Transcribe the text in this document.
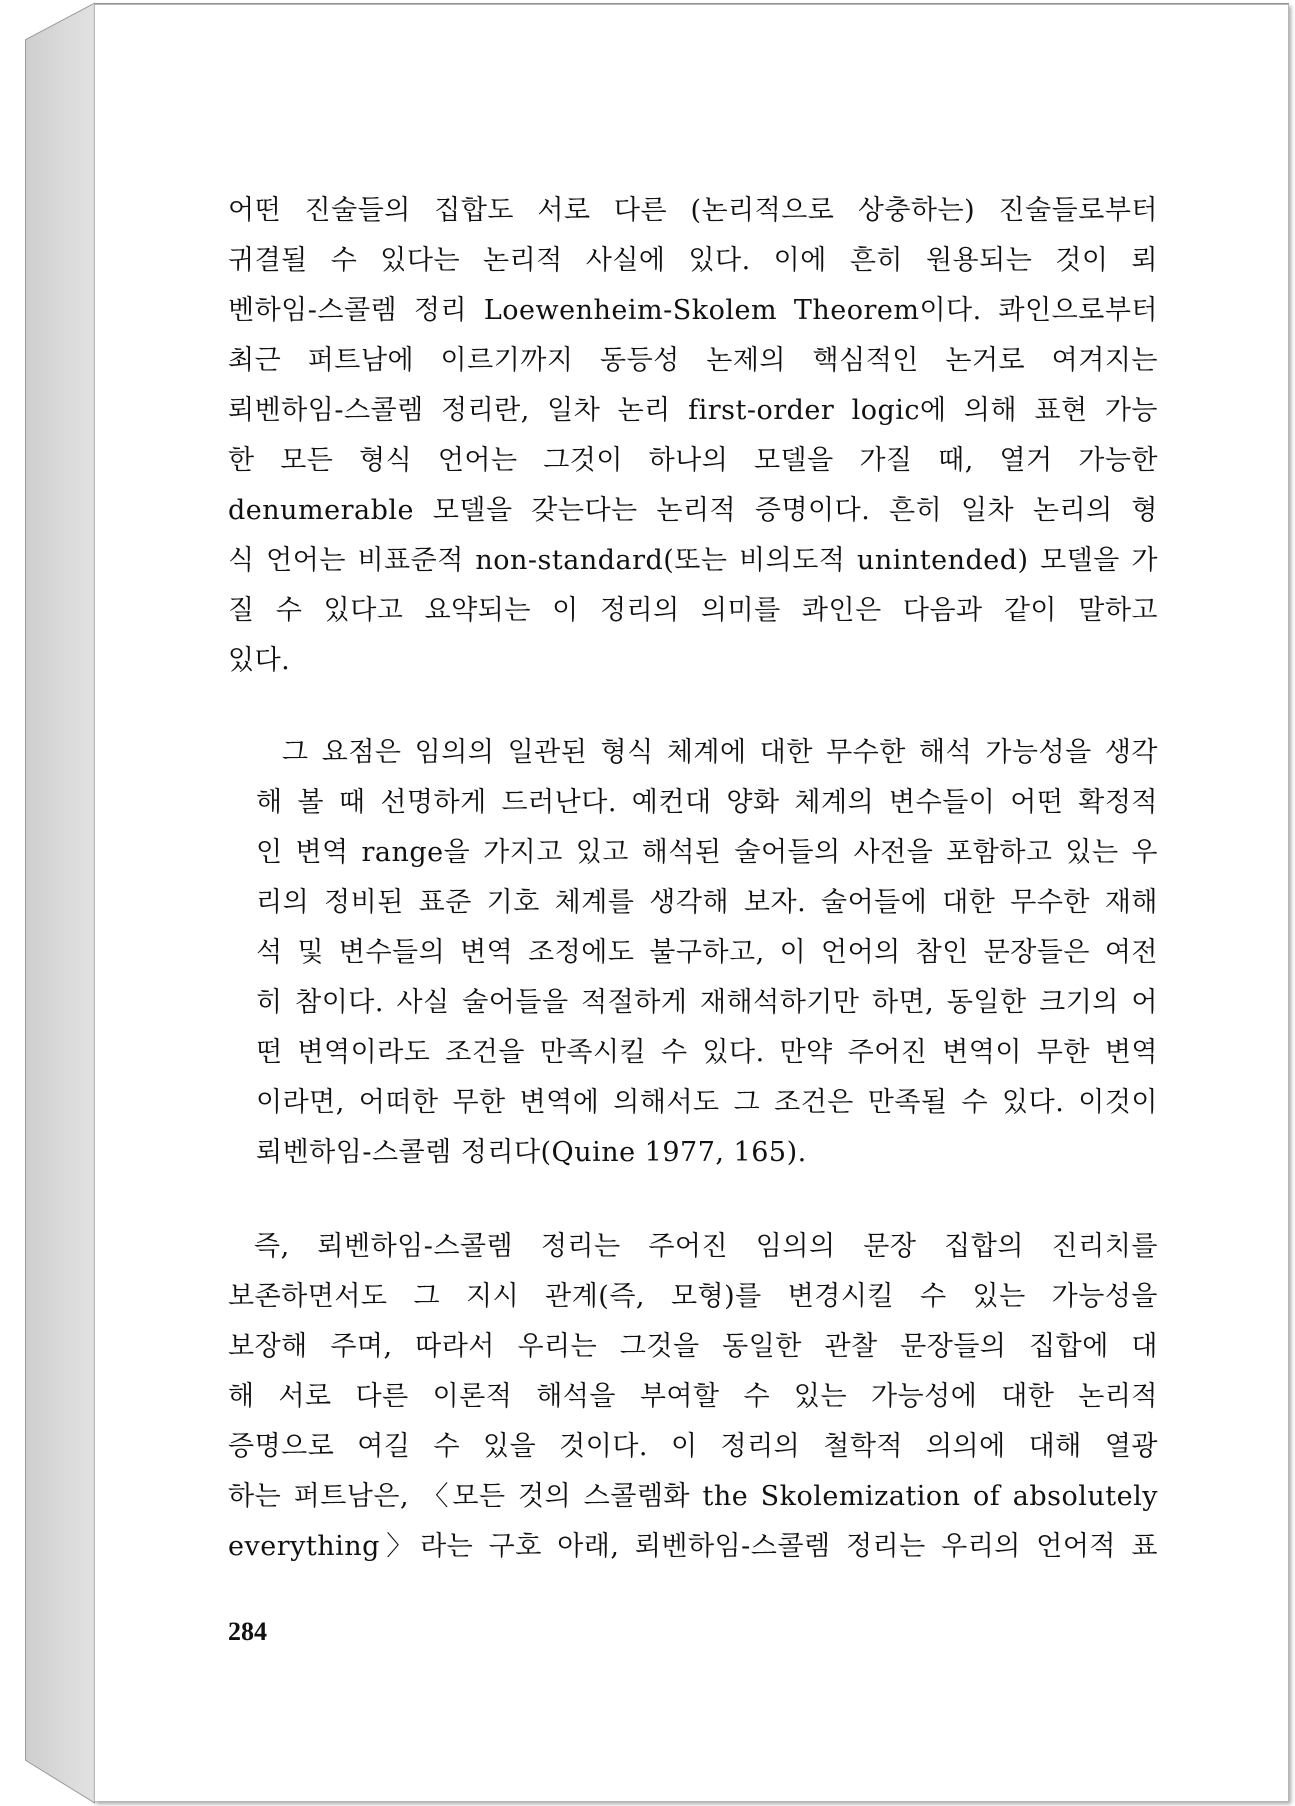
어떤 진술들의 집합도 서로 다른 (논리적으로 상충하는) 진술들로부터
귀결될 수 있다는 논리적 사실에 있다. 이에 흔히 원용되는 것이 뢰
벤하임-스콜렘 정리 Loewenheim-Skolem Theorem이다. 콰인으로부터
최근 퍼트남에 이르기까지 동등성 논제의 핵심적인 논거로 여겨지는
뢰벤하임-스콜렘 정리란, 일차 논리 first-order logic에 의해 표현 가능
한 모든 형식 언어는 그것이 하나의 모델을 가질 때, 열거 가능한
denumerable 모델을 갖는다는 논리적 증명이다. 흔히 일차 논리의 형
식 언어는 비표준적 non-standard(또는 비의도적 unintended) 모델을 가
질 수 있다고 요약되는 이 정리의 의미를 콰인은 다음과 같이 말하고
있다.
그 요점은 임의의 일관된 형식 체계에 대한 무수한 해석 가능성을 생각
해 볼 때 선명하게 드러난다. 예컨대 양화 체계의 변수들이 어떤 확정적
인 변역 range을 가지고 있고 해석된 술어들의 사전을 포함하고 있는 우
리의 정비된 표준 기호 체계를 생각해 보자. 술어들에 대한 무수한 재해
석 및 변수들의 변역 조정에도 불구하고, 이 언어의 참인 문장들은 여전
히 참이다. 사실 술어들을 적절하게 재해석하기만 하면, 동일한 크기의 어
떤 변역이라도 조건을 만족시킬 수 있다. 만약 주어진 변역이 무한 변역
이라면, 어떠한 무한 변역에 의해서도 그 조건은 만족될 수 있다. 이것이
뢰벤하임-스콜렘 정리다(Quine 1977, 165).
즉, 뢰벤하임-스콜렘 정리는 주어진 임의의 문장 집합의 진리치를
보존하면서도 그 지시 관계(즉, 모형)를 변경시킬 수 있는 가능성을
보장해 주며, 따라서 우리는 그것을 동일한 관찰 문장들의 집합에 대
해 서로 다른 이론적 해석을 부여할 수 있는 가능성에 대한 논리적
증명으로 여길 수 있을 것이다. 이 정리의 철학적 의의에 대해 열광
하는 퍼트남은, 〈모든 것의 스콜렘화 the Skolemization of absolutely
everything〉라는 구호 아래, 뢰벤하임-스콜렘 정리는 우리의 언어적 표
284
